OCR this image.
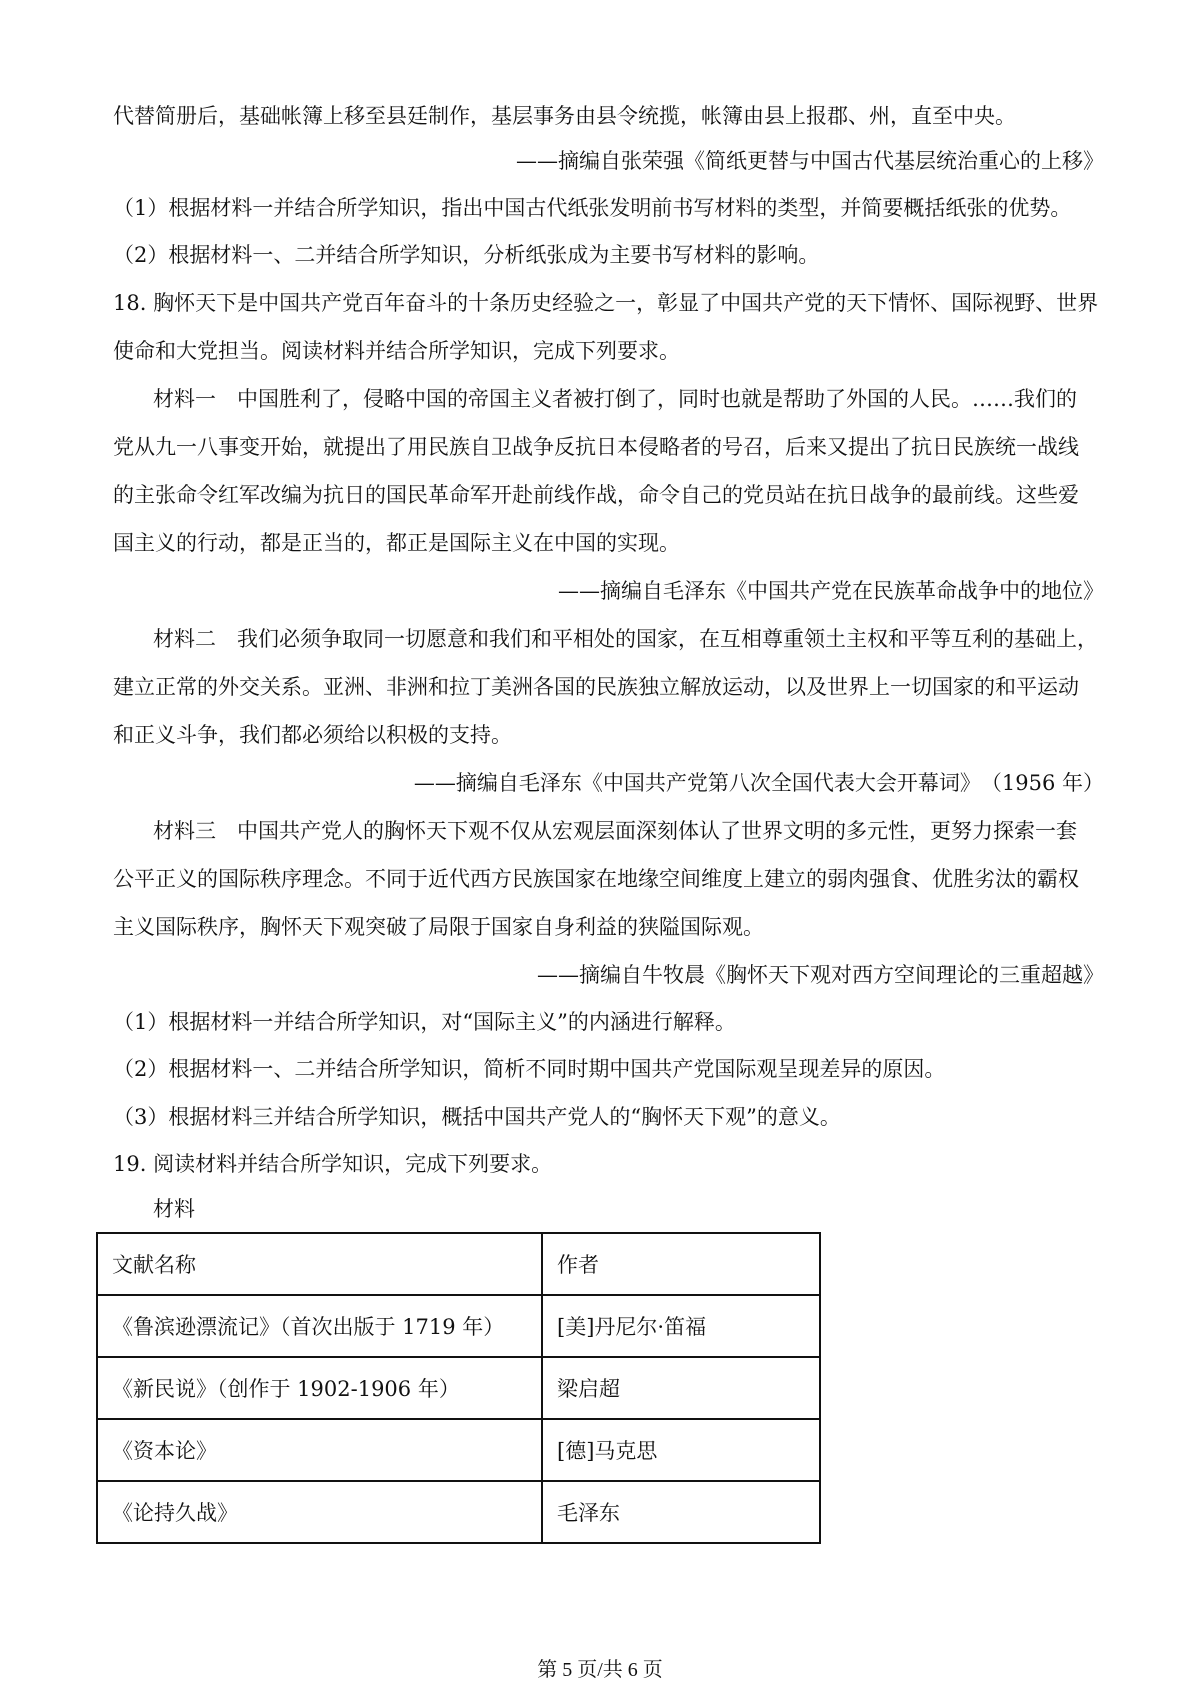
代替简册后，基础帐簿上移至县廷制作，基层事务由县令统揽，帐簿由县上报郡、州，直至中央。
——摘编自张荣强《简纸更替与中国古代基层统治重心的上移》
（1）根据材料一并结合所学知识，指出中国古代纸张发明前书写材料的类型，并简要概括纸张的优势。
（2）根据材料一、二并结合所学知识，分析纸张成为主要书写材料的影响。
18. 胸怀天下是中国共产党百年奋斗的十条历史经验之一，彰显了中国共产党的天下情怀、国际视野、世界
使命和大党担当。阅读材料并结合所学知识，完成下列要求。
材料一　中国胜利了，侵略中国的帝国主义者被打倒了，同时也就是帮助了外国的人民。……我们的
党从九一八事变开始，就提出了用民族自卫战争反抗日本侵略者的号召，后来又提出了抗日民族统一战线
的主张命令红军改编为抗日的国民革命军开赴前线作战，命令自己的党员站在抗日战争的最前线。这些爱
国主义的行动，都是正当的，都正是国际主义在中国的实现。
——摘编自毛泽东《中国共产党在民族革命战争中的地位》
材料二　我们必须争取同一切愿意和我们和平相处的国家，在互相尊重领土主权和平等互利的基础上，
建立正常的外交关系。亚洲、非洲和拉丁美洲各国的民族独立解放运动，以及世界上一切国家的和平运动
和正义斗争，我们都必须给以积极的支持。
——摘编自毛泽东《中国共产党第八次全国代表大会开幕词》　（1956 年）
材料三　中国共产党人的胸怀天下观不仅从宏观层面深刻体认了世界文明的多元性，更努力探索一套
公平正义的国际秩序理念。不同于近代西方民族国家在地缘空间维度上建立的弱肉强食、优胜劣汰的霸权
主义国际秩序，胸怀天下观突破了局限于国家自身利益的狭隘国际观。
——摘编自牛牧晨《胸怀天下观对西方空间理论的三重超越》
（1）根据材料一并结合所学知识，对“国际主义”的内涵进行解释。
（2）根据材料一、二并结合所学知识，简析不同时期中国共产党国际观呈现差异的原因。
（3）根据材料三并结合所学知识，概括中国共产党人的“胸怀天下观”的意义。
19. 阅读材料并结合所学知识，完成下列要求。
材料
文献名称	作者
《鲁滨逊漂流记》（首次出版于 1719 年）	[美]丹尼尔·笛福
《新民说》（创作于 1902-1906 年）	梁启超
《资本论》	[德]马克思
《论持久战》	毛泽东
第 5 页/共 6 页
